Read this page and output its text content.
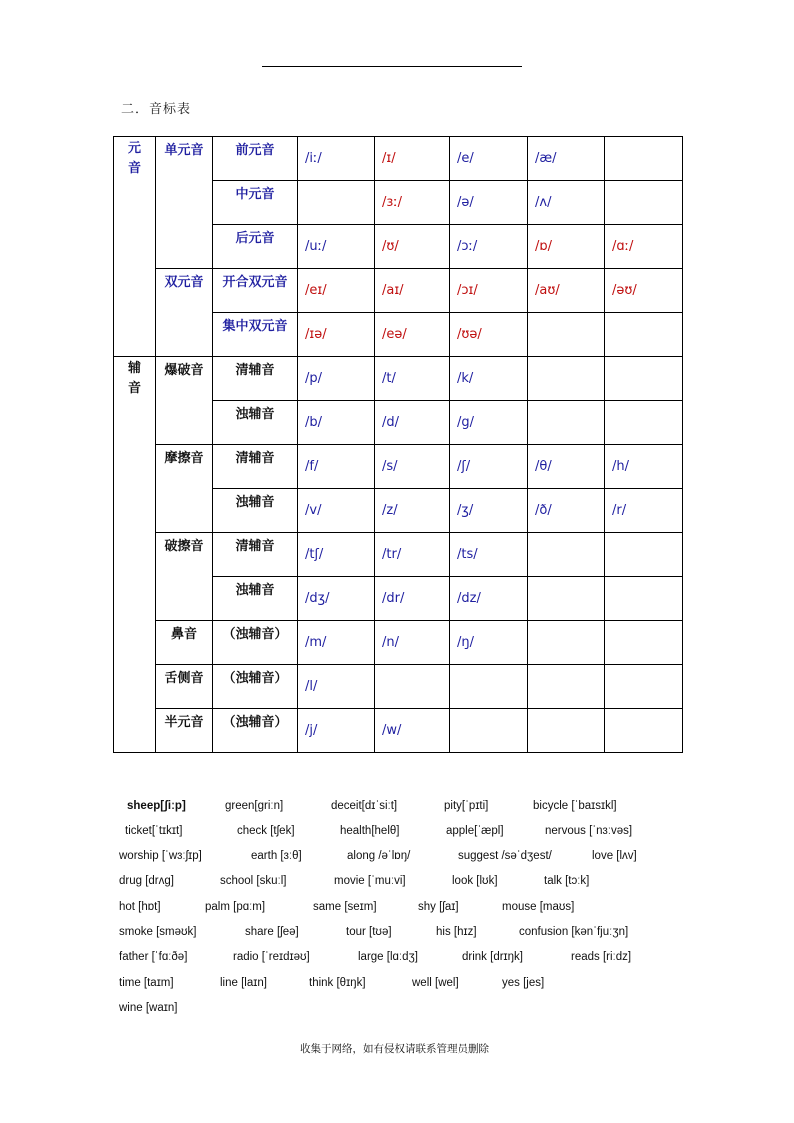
二．音标表
元音	单元音	前元音	/iː/	/ɪ/	/e/	/æ/	
		中元音		/ɜː/	/ə/	/ʌ/	
		后元音	/uː/	/ʊ/	/ɔː/	/ɒ/	/ɑː/
	双元音	开合双元音	/eɪ/	/aɪ/	/ɔɪ/	/aʊ/	/əʊ/
		集中双元音	/ɪə/	/eə/	/ʊə/		
辅音	爆破音	清辅音	/p/	/t/	/k/		
		浊辅音	/b/	/d/	/g/		
	摩擦音	清辅音	/f/	/s/	/ʃ/	/θ/	/h/
		浊辅音	/v/	/z/	/ʒ/	/ð/	/r/
	破擦音	清辅音	/tʃ/	/tr/	/ts/		
		浊辅音	/dʒ/	/dr/	/dz/		
	鼻音	（浊辅音）	/m/	/n/	/ŋ/		
	舌侧音	（浊辅音）	/l/				
	半元音	（浊辅音）	/j/	/w/			
sheep[ʃiːp]	green[griːn]	deceit[dɪˈsiːt]	pity[ˈpɪti]	bicycle [ˈbaɪsɪkl]
ticket[ˈtɪkɪt]	check [tʃek]	health[helθ]	apple[ˈæpl]	nervous [ˈnɜːvəs]
worship [ˈwɜːʃɪp]	earth [ɜːθ]	along /əˈlɒŋ/	suggest /səˈdʒest/	love [lʌv]
drug [drʌg]	school [skuːl]	movie [ˈmuːvi]	look [lʊk]	talk [tɔːk]
hot [hɒt]	palm [pɑːm]	same [seɪm]	shy [ʃaɪ]	mouse [maʊs]
smoke [sməʊk]	share [ʃeə]	tour [tʊə]	his [hɪz]	confusion [kənˈfjuːʒn]
father [ˈfɑːðə]	radio [ˈreɪdɪəʊ]	large [lɑːdʒ]	drink [drɪŋk]	reads [riːdz]
time [taɪm]	line [laɪn]	think [θɪŋk]	well [wel]	yes [jes]
wine [waɪn]
收集于网络，如有侵权请联系管理员删除
